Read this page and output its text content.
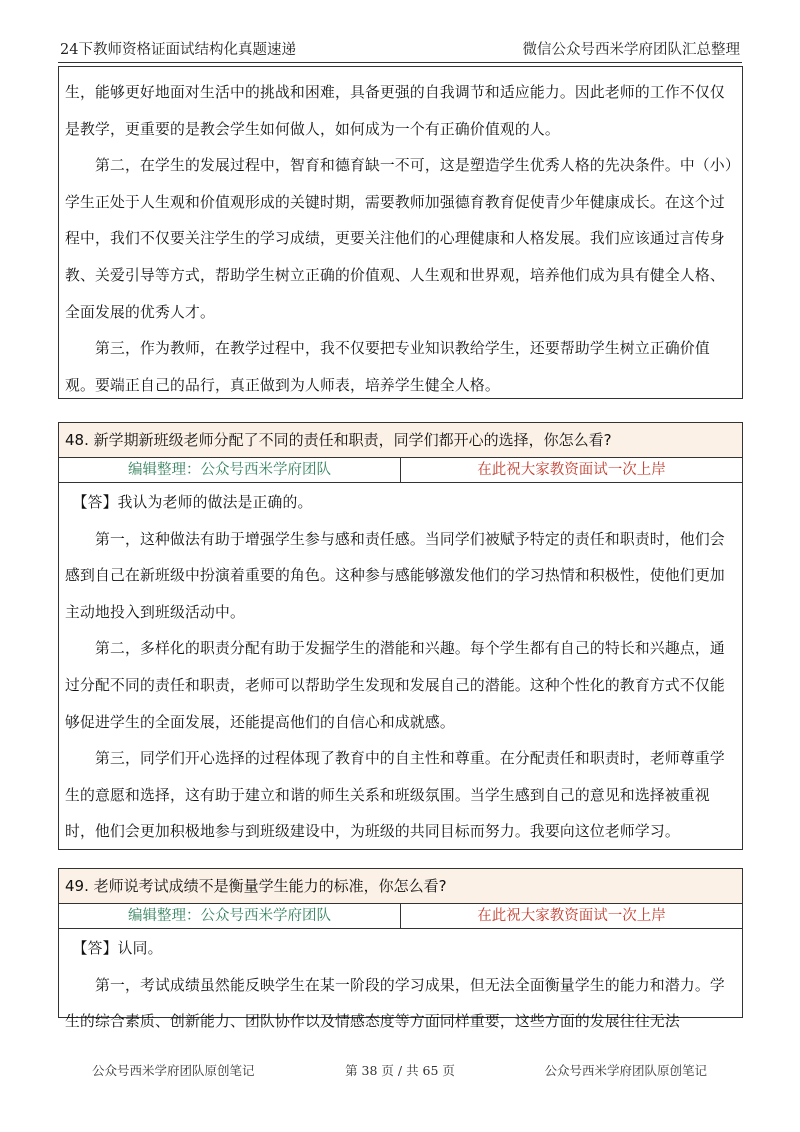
24下教师资格证面试结构化真题速递	微信公众号西米学府团队汇总整理

生，能够更好地面对生活中的挑战和困难，具备更强的自我调节和适应能力。因此老师的工作不仅仅是教学，更重要的是教会学生如何做人，如何成为一个有正确价值观的人。

　　第二，在学生的发展过程中，智育和德育缺一不可，这是塑造学生优秀人格的先决条件。中（小）学生正处于人生观和价值观形成的关键时期，需要教师加强德育教育促使青少年健康成长。在这个过程中，我们不仅要关注学生的学习成绩，更要关注他们的心理健康和人格发展。我们应该通过言传身教、关爱引导等方式，帮助学生树立正确的价值观、人生观和世界观，培养他们成为具有健全人格、全面发展的优秀人才。

　　第三，作为教师，在教学过程中，我不仅要把专业知识教给学生，还要帮助学生树立正确价值观。要端正自己的品行，真正做到为人师表，培养学生健全人格。

48. 新学期新班级老师分配了不同的责任和职责，同学们都开心的选择，你怎么看?
编辑整理：公众号西米学府团队	在此祝大家教资面试一次上岸

　【答】我认为老师的做法是正确的。

　　第一，这种做法有助于增强学生参与感和责任感。当同学们被赋予特定的责任和职责时，他们会感到自己在新班级中扮演着重要的角色。这种参与感能够激发他们的学习热情和积极性，使他们更加主动地投入到班级活动中。

　　第二，多样化的职责分配有助于发掘学生的潜能和兴趣。每个学生都有自己的特长和兴趣点，通过分配不同的责任和职责，老师可以帮助学生发现和发展自己的潜能。这种个性化的教育方式不仅能够促进学生的全面发展，还能提高他们的自信心和成就感。

　　第三，同学们开心选择的过程体现了教育中的自主性和尊重。在分配责任和职责时，老师尊重学生的意愿和选择，这有助于建立和谐的师生关系和班级氛围。当学生感到自己的意见和选择被重视时，他们会更加积极地参与到班级建设中，为班级的共同目标而努力。我要向这位老师学习。

49. 老师说考试成绩不是衡量学生能力的标准，你怎么看?
编辑整理：公众号西米学府团队	在此祝大家教资面试一次上岸

　【答】认同。

　　第一，考试成绩虽然能反映学生在某一阶段的学习成果，但无法全面衡量学生的能力和潜力。学生的综合素质、创新能力、团队协作以及情感态度等方面同样重要，这些方面的发展往往无法

公众号西米学府团队原创笔记	第 38 页 / 共 65 页	公众号西米学府团队原创笔记
